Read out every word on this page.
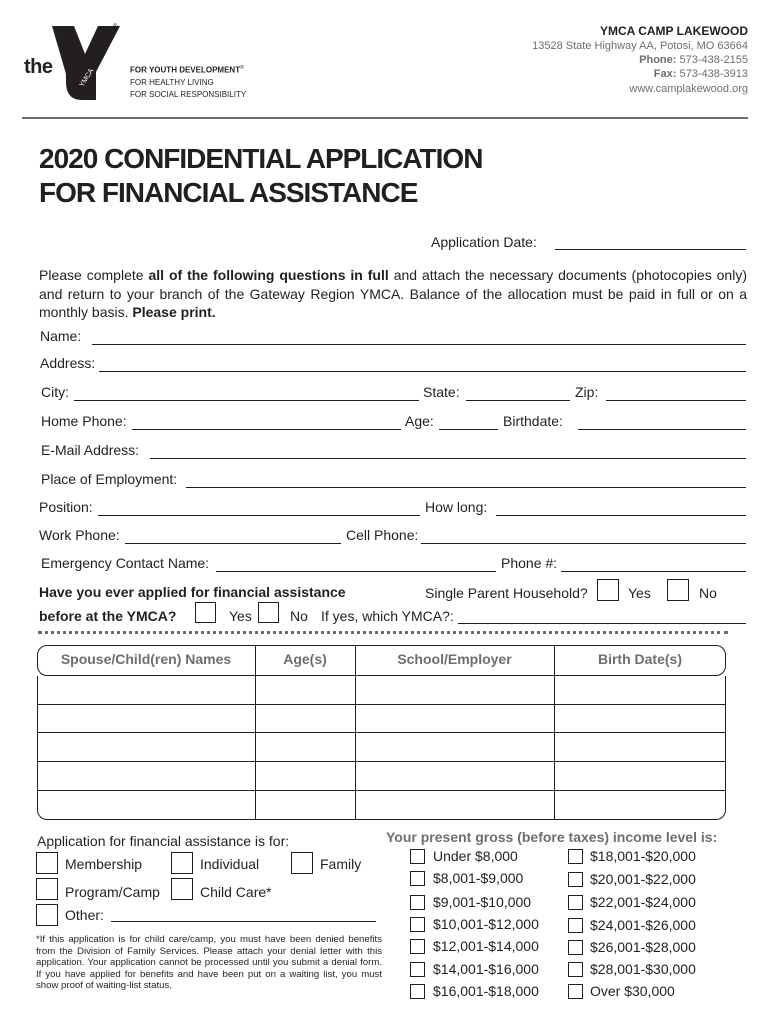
the
YMCA
®
FOR YOUTH DEVELOPMENT®
FOR HEALTHY LIVING
FOR SOCIAL RESPONSIBILITY
YMCA CAMP LAKEWOOD
13528 State Highway AA, Potosi, MO 63664
Phone: 573-438-2155
Fax: 573-438-3913
www.camplakewood.org
2020 CONFIDENTIAL APPLICATION
FOR FINANCIAL ASSISTANCE
Application Date:
Please complete all of the following questions in full and attach the necessary documents (photocopies only) and return to your branch of the Gateway Region YMCA. Balance of the allocation must be paid in full or on a monthly basis. Please print.
Name:
Address:
City:	State:	Zip:
Home Phone:	Age:	Birthdate:
E-Mail Address:
Place of Employment:
Position:	How long:
Work Phone:	Cell Phone:
Emergency Contact Name:	Phone #:
Have you ever applied for financial assistance
before at the YMCA?	Yes	No If yes, which YMCA?:
Single Parent Household?	Yes	No
Spouse/Child(ren) Names	Age(s)	School/Employer	Birth Date(s)
Application for financial assistance is for:
Membership	Individual	Family
Program/Camp	Child Care*
Other:
*If this application is for child care/camp, you must have been denied benefits from the Division of Family Services. Please attach your denial letter with this application. Your application cannot be processed until you submit a denial form. If you have applied for benefits and have been put on a waiting list, you must show proof of waiting-list status.
Your present gross (before taxes) income level is:
Under $8,000
$8,001-$9,000
$9,001-$10,000
$10,001-$12,000
$12,001-$14,000
$14,001-$16,000
$16,001-$18,000
$18,001-$20,000
$20,001-$22,000
$22,001-$24,000
$24,001-$26,000
$26,001-$28,000
$28,001-$30,000
Over $30,000
